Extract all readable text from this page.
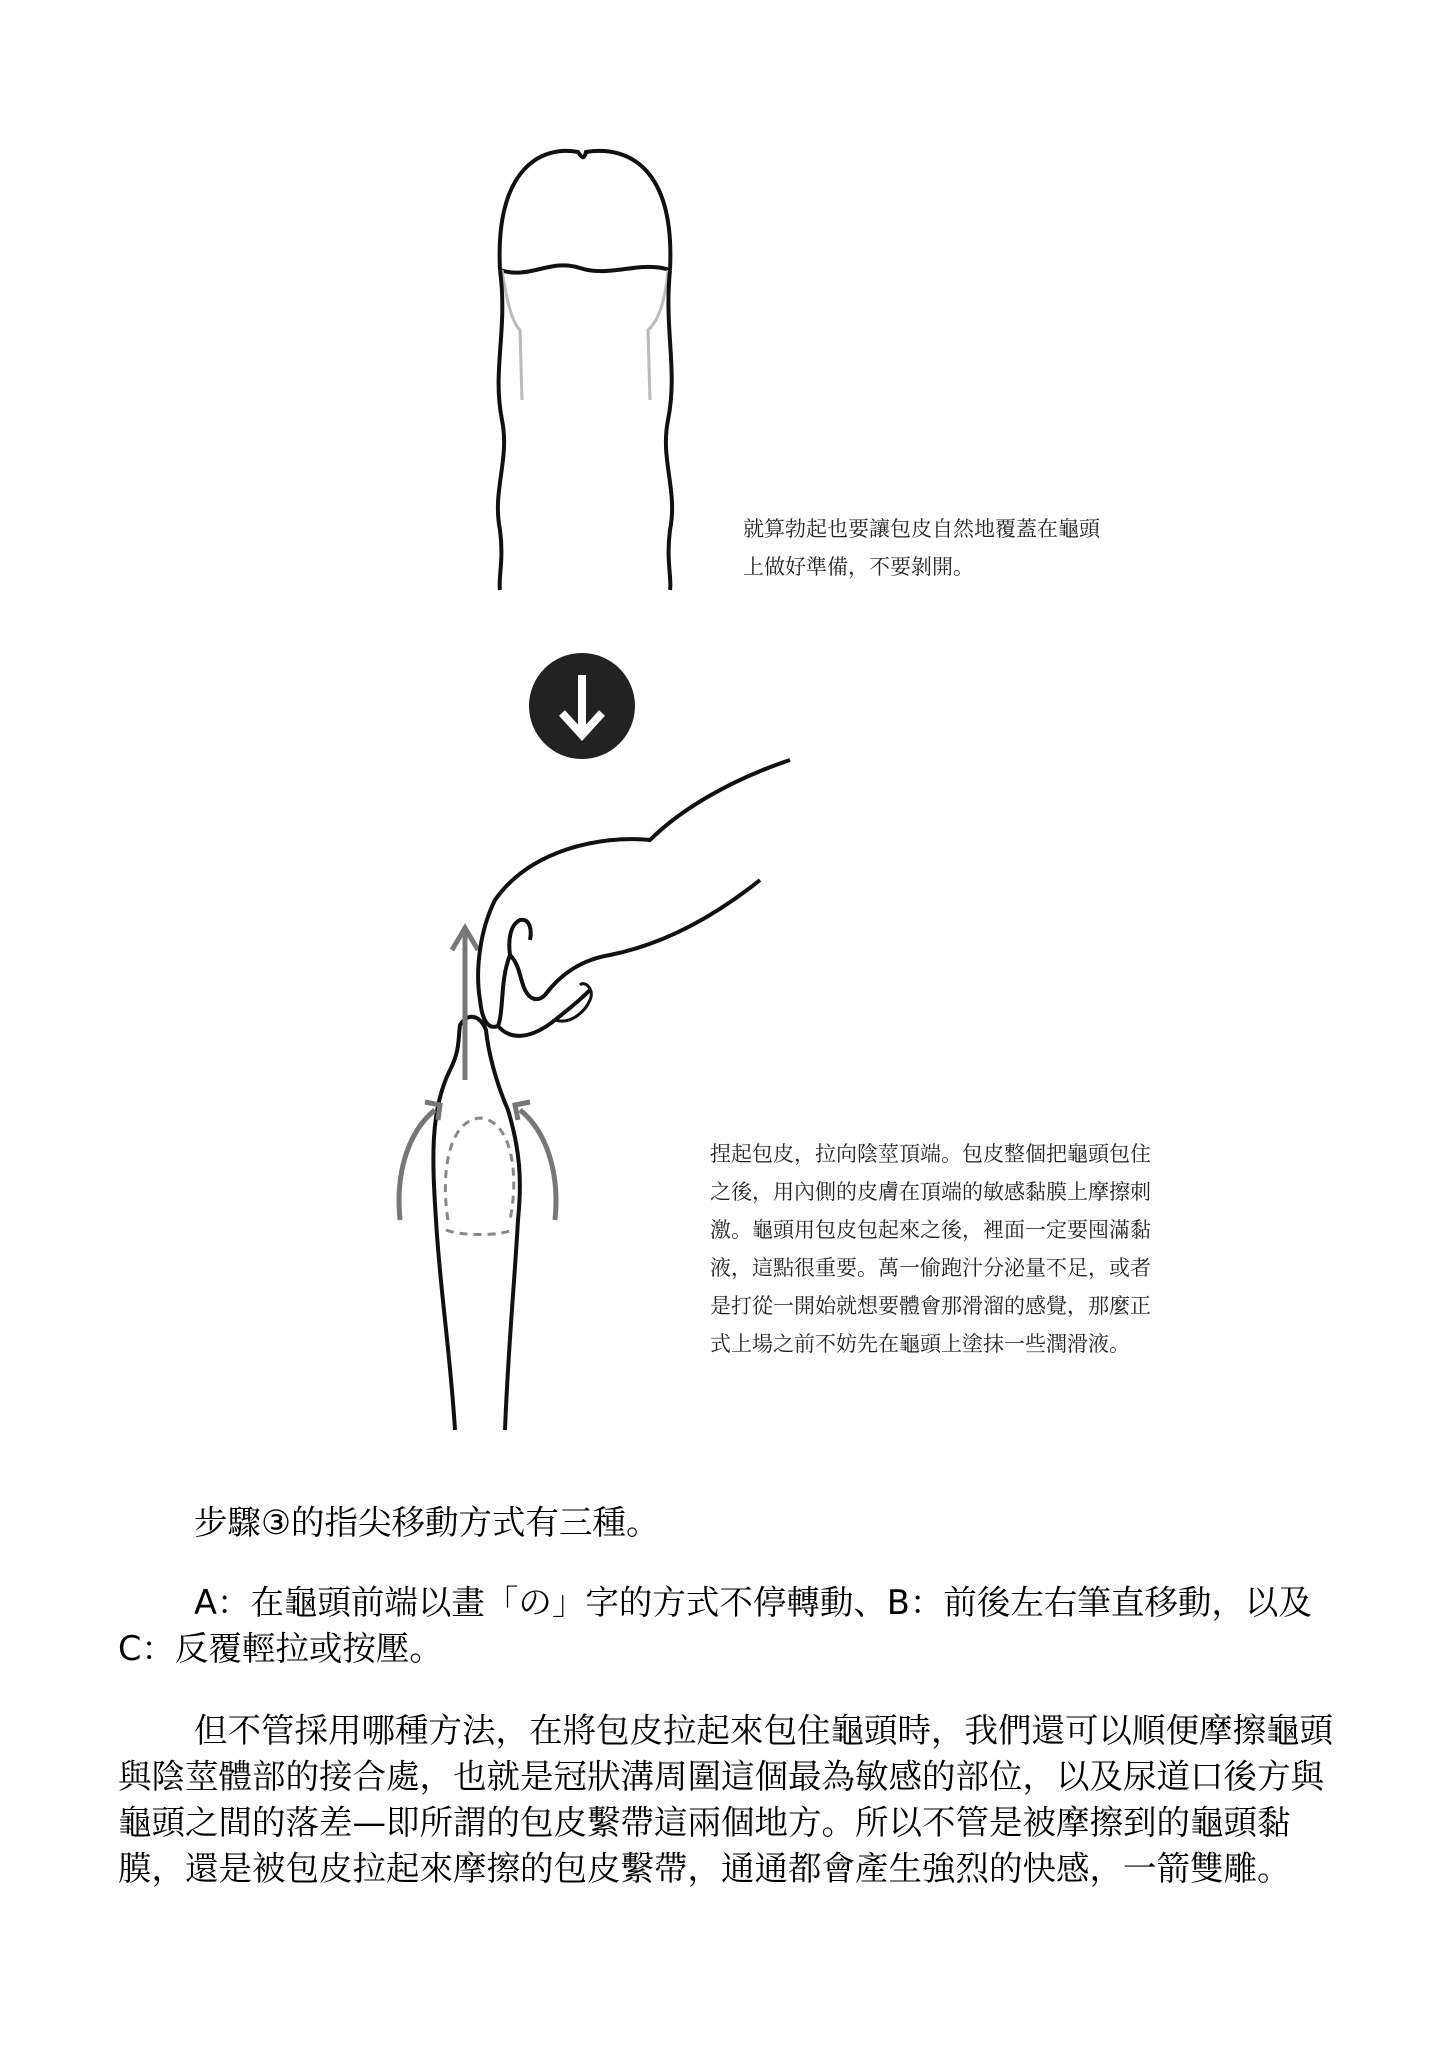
就算勃起也要讓包皮自然地覆蓋在龜頭
上做好準備，不要剝開。
捏起包皮，拉向陰莖頂端。包皮整個把龜頭包住
之後，用內側的皮膚在頂端的敏感黏膜上摩擦刺
激。龜頭用包皮包起來之後，裡面一定要囤滿黏
液，這點很重要。萬一偷跑汁分泌量不足，或者
是打從一開始就想要體會那滑溜的感覺，那麼正
式上場之前不妨先在龜頭上塗抹一些潤滑液。

步驟③的指尖移動方式有三種。

A：在龜頭前端以畫「の」字的方式不停轉動、B：前後左右筆直移動，以及C：反覆輕拉或按壓。

但不管採用哪種方法，在將包皮拉起來包住龜頭時，我們還可以順便摩擦龜頭與陰莖體部的接合處，也就是冠狀溝周圍這個最為敏感的部位，以及尿道口後方與龜頭之間的落差—即所謂的包皮繫帶這兩個地方。所以不管是被摩擦到的龜頭黏膜，還是被包皮拉起來摩擦的包皮繫帶，通通都會產生強烈的快感，一箭雙雕。
